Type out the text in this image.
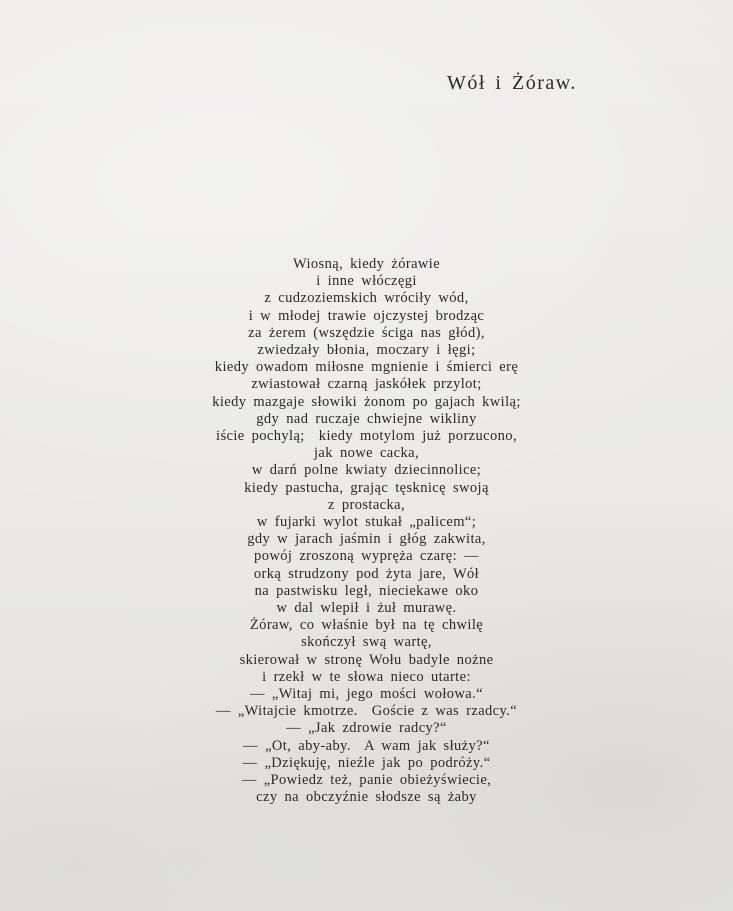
Wół i Żóraw.
Wiosną, kiedy żórawie
i inne włóczęgi
z cudzoziemskich wróciły wód,
i w młodej trawie ojczystej brodząc
za żerem (wszędzie ściga nas głód),
zwiedzały błonia, moczary i łęgi;
kiedy owadom miłosne mgnienie i śmierci erę
zwiastował czarną jaskółek przylot;
kiedy mazgaje słowiki żonom po gajach kwilą;
gdy nad ruczaje chwiejne wikliny
iście pochylą;  kiedy motylom już porzucono,
jak nowe cacka,
w darń polne kwiaty dziecinnolice;
kiedy pastucha, grając tęsknicę swoją
z prostacka,
w fujarki wylot stukał „palicem“;
gdy w jarach jaśmin i głóg zakwita,
powój zroszoną wypręża czarę: —
orką strudzony pod żyta jare, Wół
na pastwisku legł, nieciekawe oko
w dal wlepił i żuł murawę.
Żóraw, co właśnie był na tę chwilę
skończył swą wartę,
skierował w stronę Wołu badyle nożne
i rzekł w te słowa nieco utarte:
— „Witaj mi, jego mości wołowa.“
— „Witajcie kmotrze.  Goście z was rzadcy.“
— „Jak zdrowie radcy?“
— „Ot, aby-aby.  A wam jak służy?“
— „Dziękuję, nieźle jak po podróży.“
— „Powiedz też, panie obieżyświecie,
czy na obczyźnie słodsze są żaby
